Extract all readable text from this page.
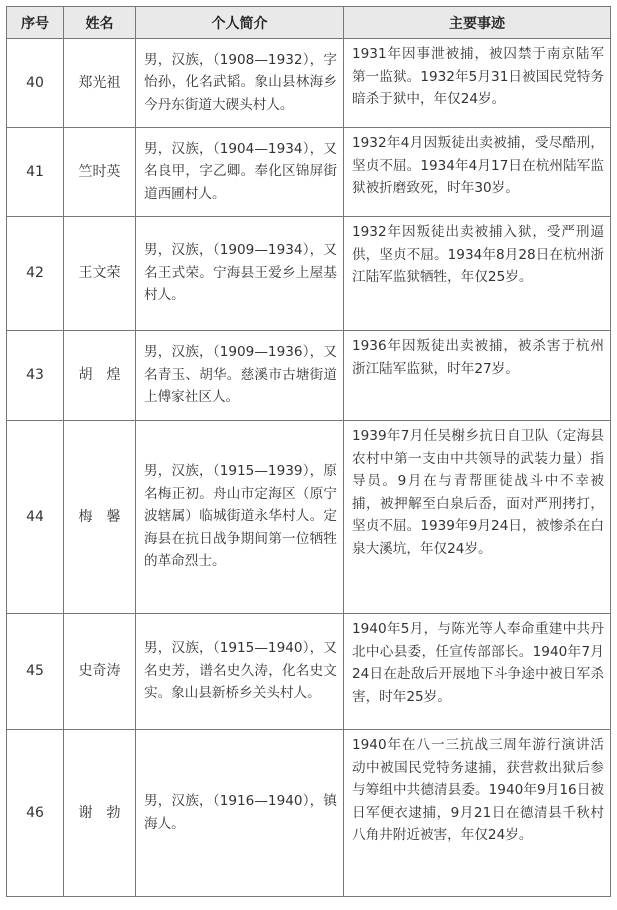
序号	姓名	个人简介	主要事迹
40	郑光祖	男，汉族，（1908—1932），字怡孙，化名武韬。象山县林海乡今丹东街道大碶头村人。	1931年因事泄被捕，被囚禁于南京陆军第一监狱。1932年5月31日被国民党特务暗杀于狱中，年仅24岁。
41	竺时英	男，汉族，（1904—1934），又名良甲，字乙卿。奉化区锦屏街道西圃村人。	1932年4月因叛徒出卖被捕，受尽酷刑，坚贞不屈。1934年4月17日在杭州陆军监狱被折磨致死，时年30岁。
42	王文荣	男，汉族，（1909—1934），又名王式荣。宁海县王爱乡上屋基村人。	1932年因叛徒出卖被捕入狱，受严刑逼供，坚贞不屈。1934年8月28日在杭州浙江陆军监狱牺牲，年仅25岁。
43	胡　煌	男，汉族，（1909—1936），又名青玉、胡华。慈溪市古塘街道上傅家社区人。	1936年因叛徒出卖被捕，被杀害于杭州浙江陆军监狱，时年27岁。
44	梅　馨	男，汉族，（1915—1939），原名梅正初。舟山市定海区（原宁波辖属）临城街道永华村人。定海县在抗日战争期间第一位牺牲的革命烈士。	1939年7月任吴榭乡抗日自卫队（定海县农村中第一支由中共领导的武装力量）指导员。9月在与青帮匪徒战斗中不幸被捕，被押解至白泉后岙，面对严刑拷打，坚贞不屈。1939年9月24日，被惨杀在白泉大溪坑，年仅24岁。
45	史奇涛	男，汉族，（1915—1940），又名史芳，谱名史久涛，化名史文实。象山县新桥乡关头村人。	1940年5月，与陈光等人奉命重建中共丹北中心县委，任宣传部部长。1940年7月24日在赴敌后开展地下斗争途中被日军杀害，时年25岁。
46	谢　勃	男，汉族，（1916—1940），镇海人。	1940年在八一三抗战三周年游行演讲活动中被国民党特务逮捕，获营救出狱后参与筹组中共德清县委。1940年9月16日被日军便衣逮捕，9月21日在德清县千秋村八角井附近被害，年仅24岁。
